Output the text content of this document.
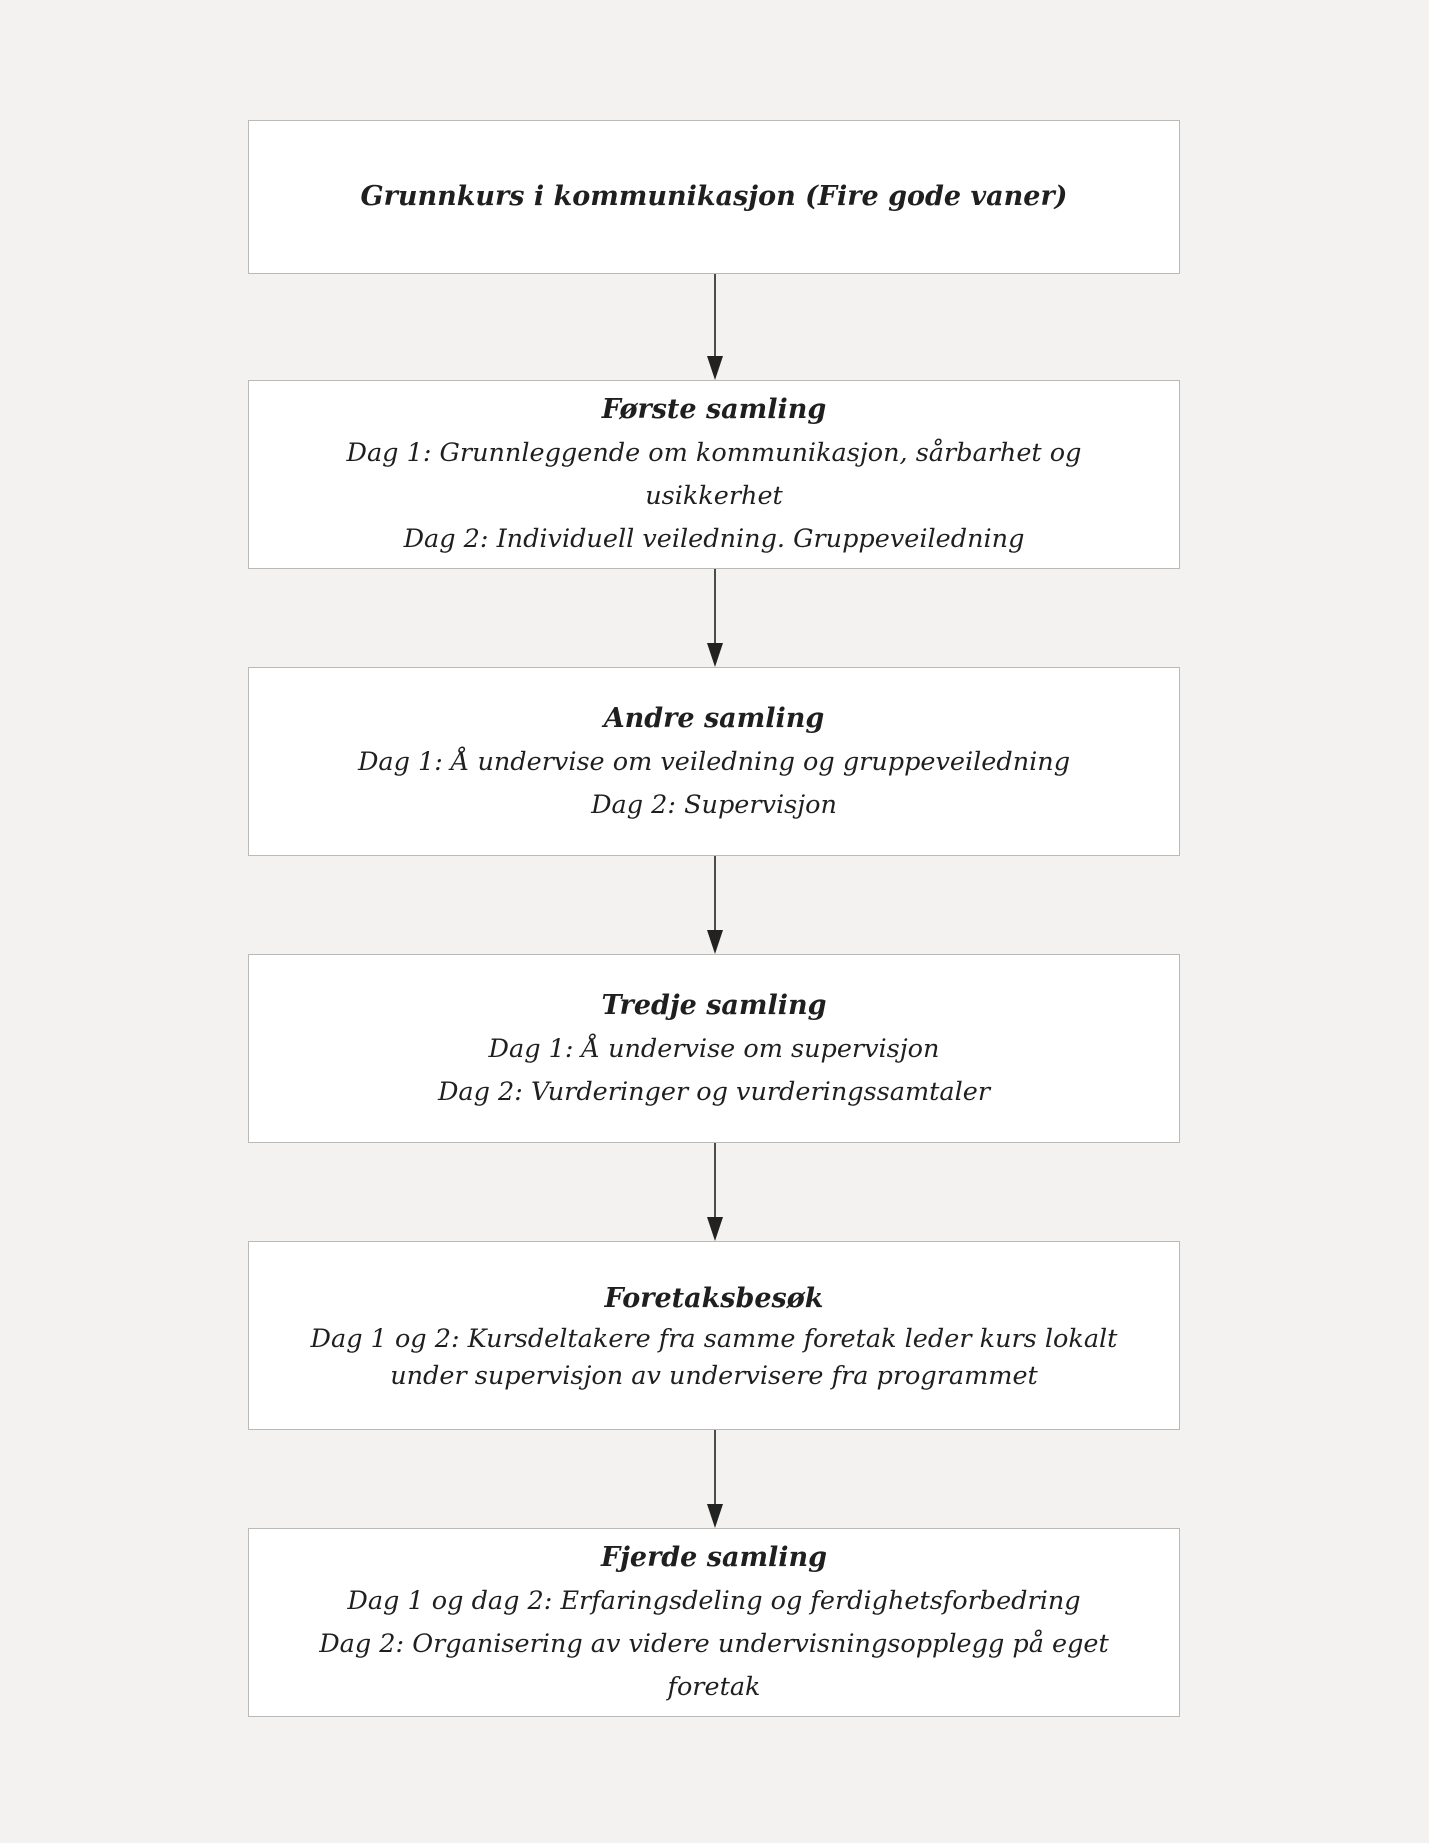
Grunnkurs i kommunikasjon (Fire gode vaner)
Første samling
Dag 1: Grunnleggende om kommunikasjon, sårbarhet og usikkerhet
Dag 2: Individuell veiledning. Gruppeveiledning
Andre samling
Dag 1: Å undervise om veiledning og gruppeveiledning
Dag 2: Supervisjon
Tredje samling
Dag 1: Å undervise om supervisjon
Dag 2: Vurderinger og vurderingssamtaler
Foretaksbesøk
Dag 1 og 2: Kursdeltakere fra samme foretak leder kurs lokalt under supervisjon av undervisere fra programmet
Fjerde samling
Dag 1 og dag 2: Erfaringsdeling og ferdighetsforbedring
Dag 2: Organisering av videre undervisningsopplegg på eget foretak
